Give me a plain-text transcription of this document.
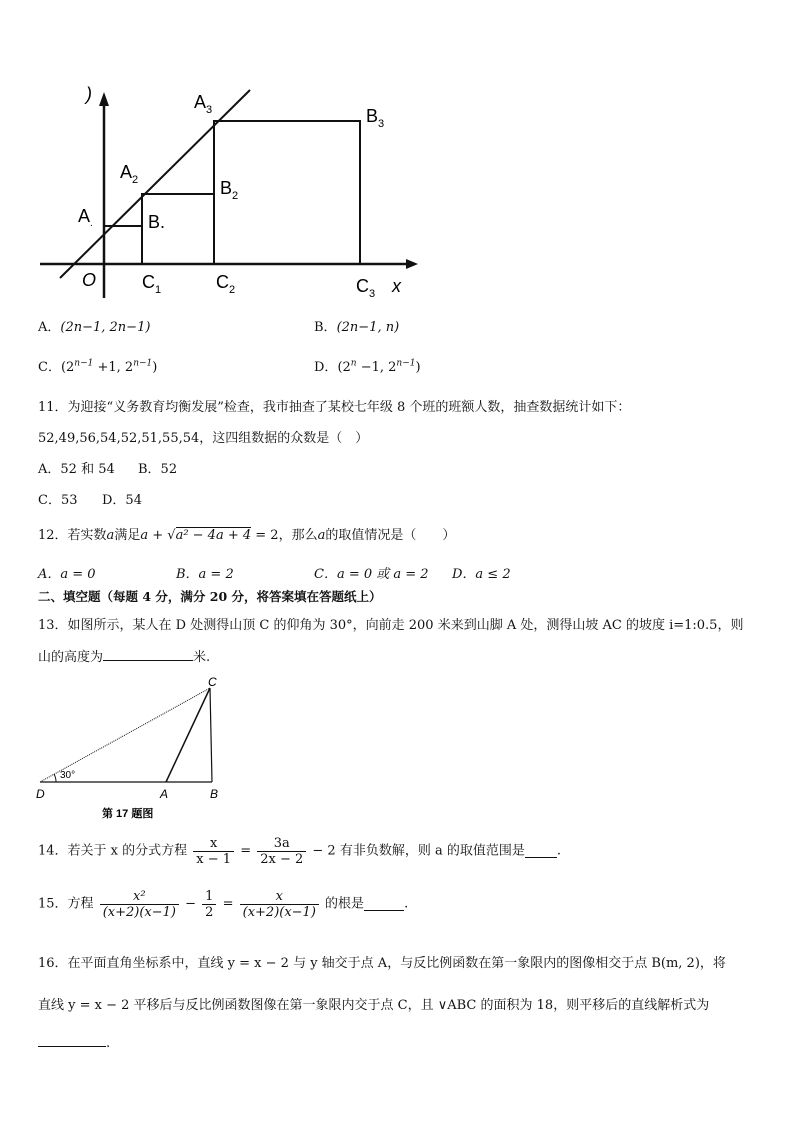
)
$A_.$
$A_2$
$A_3$
B.
$B_2$
$B_3$
O	$C_1$	$C_2$	$C_3$ x
A．(2n−1, 2n−1)	B．(2n−1, n)
C．($2^{n-1} +1$, $2^{n-1}$)	D．($2^n -1$, $2^{n-1}$)
11．为迎接“义务教育均衡发展”检查，我市抽查了某校七年级 8 个班的班额人数，抽查数据统计如下：
52,49,56,54,52,51,55,54，这四组数据的众数是（　）
A．52 和 54 B．52
C．53 D．54
12．若实数a满足a + √a² − 4a + 4 = 2，那么a的取值情况是（　　）
A．a = 0	B．a = 2	C．a = 0 或 a = 2 D．a ≤ 2
二、填空题（每题 4 分，满分 20 分，将答案填在答题纸上）
13．如图所示，某人在 D 处测得山顶 C 的仰角为 30°，向前走 200 米来到山脚 A 处，测得山坡 AC 的坡度 i=1:0.5，则
山的高度为	米.
30°
C
D	A	B
第 17 题图
14．若关于 x 的分式方程 $\frac{x}{x - 1} = \frac{3a}{2x - 2} - 2$ 有非负数解，则 a 的取值范围是 .
15．方程 $\frac{\text{x²}}{(x+2)(x-1)} - \frac{1}{2} = \frac{x}{(x+2)(x-1)}$ 的根是	.
16．在平面直角坐标系中，直线 y = x − 2 与 y 轴交于点 A，与反比例函数在第一象限内的图像相交于点 B(m, 2)，将
直线 y = x − 2 平移后与反比例函数图像在第一象限内交于点 C，且 ∨ABC 的面积为 18，则平移后的直线解析式为
.
